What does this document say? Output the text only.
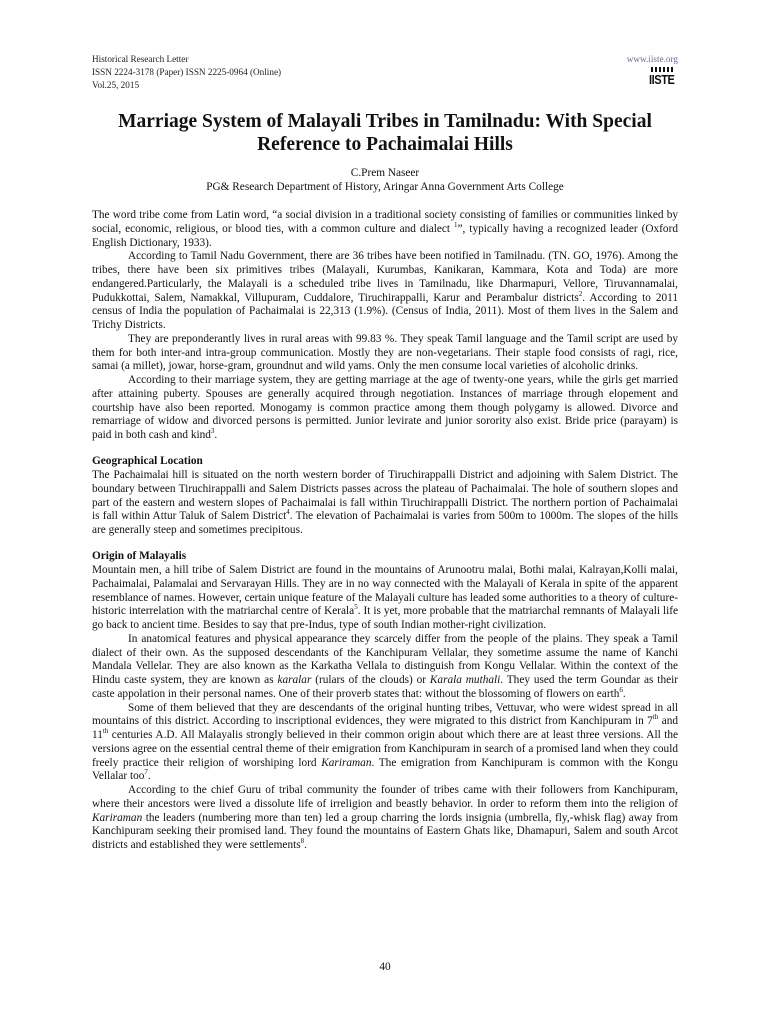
Historical Research Letter
ISSN 2224-3178 (Paper) ISSN 2225-0964 (Online)
Vol.25, 2015
www.iiste.org
IISTE
Marriage System of Malayali Tribes in Tamilnadu: With Special
Reference to Pachaimalai Hills
C.Prem Naseer
PG& Research Department of History, Aringar Anna Government Arts College

The word tribe come from Latin word, “a social division in a traditional society consisting of families or communities linked by social, economic, religious, or blood ties, with a common culture and dialect $^1$”, typically having a recognized leader (Oxford English Dictionary, 1933).

According to Tamil Nadu Government, there are 36 tribes have been notified in Tamilnadu. (TN. GO, 1976). Among the tribes, there have been six primitives tribes (Malayali, Kurumbas, Kanikaran, Kammara, Kota and Toda) are more endangered.Particularly, the Malayali is a scheduled tribe lives in Tamilnadu, like Dharmapuri, Vellore, Tiruvannamalai, Pudukkottai, Salem, Namakkal, Villupuram, Cuddalore, Tiruchirappalli, Karur and Perambalur districts$^2$. According to 2011 census of India the population of Pachaimalai is 22,313 (1.9%). (Census of India, 2011). Most of them lives in the Salem and Trichy Districts.

They are preponderantly lives in rural areas with 99.83 %. They speak Tamil language and the Tamil script are used by them for both inter-and intra-group communication. Mostly they are non-vegetarians. Their staple food consists of ragi, rice, samai (a millet), jowar, horse-gram, groundnut and wild yams. Only the men consume local varieties of alcoholic drinks.

According to their marriage system, they are getting marriage at the age of twenty-one years, while the girls get married after attaining puberty. Spouses are generally acquired through negotiation. Instances of marriage through elopement and courtship have also been reported. Monogamy is common practice among them though polygamy is allowed. Divorce and remarriage of widow and divorced persons is permitted. Junior levirate and junior sorority also exist. Bride price (parayam) is paid in both cash and kind$^3$.

Geographical Location

The Pachaimalai hill is situated on the north western border of Tiruchirappalli District and adjoining with Salem District. The boundary between Tiruchirappalli and Salem Districts passes across the plateau of Pachaimalai. The hole of southern slopes and part of the eastern and western slopes of Pachaimalai is fall within Tiruchirappalli District. The northern portion of Pachaimalai is fall within Attur Taluk of Salem District$^4$. The elevation of Pachaimalai is varies from 500m to 1000m. The slopes of the hills are generally steep and sometimes precipitous.

Origin of Malayalis

Mountain men, a hill tribe of Salem District are found in the mountains of Arunootru malai, Bothi malai, Kalrayan,Kolli malai, Pachaimalai, Palamalai and Servarayan Hills. They are in no way connected with the Malayali of Kerala in spite of the apparent resemblance of names. However, certain unique feature of the Malayali culture has leaded some authorities to a theory of culture-historic interrelation with the matriarchal centre of Kerala$^5$. It is yet, more probable that the matriarchal remnants of Malayali life go back to ancient time. Besides to say that pre-Indus, type of south Indian mother-right civilization.

In anatomical features and physical appearance they scarcely differ from the people of the plains. They speak a Tamil dialect of their own. As the supposed descendants of the Kanchipuram Vellalar, they sometime assume the name of Kanchi Mandala Vellelar. They are also known as the Karkatha Vellala to distinguish from Kongu Vellalar. Within the context of the Hindu caste system, they are known as karalar (rulars of the clouds) or Karala muthali. They used the term Goundar as their caste appolation in their personal names. One of their proverb states that: without the blossoming of flowers on earth$^6$.

Some of them believed that they are descendants of the original hunting tribes, Vettuvar, who were widest spread in all mountains of this district. According to inscriptional evidences, they were migrated to this district from Kanchipuram in 7th and 11th centuries A.D. All Malayalis strongly believed in their common origin about which there are at least three versions. All the versions agree on the essential central theme of their emigration from Kanchipuram in search of a promised land when they could freely practice their religion of worshiping lord Kariraman. The emigration from Kanchipuram is common with the Kongu Vellalar too$^7$.

According to the chief Guru of tribal community the founder of tribes came with their followers from Kanchipuram, where their ancestors were lived a dissolute life of irreligion and beastly behavior. In order to reform them into the religion of Kariraman the leaders (numbering more than ten) led a group charring the lords insignia (umbrella, fly,-whisk flag) away from Kanchipuram seeking their promised land. They found the mountains of Eastern Ghats like, Dhamapuri, Salem and south Arcot districts and established they were settlements$^8$.

40
